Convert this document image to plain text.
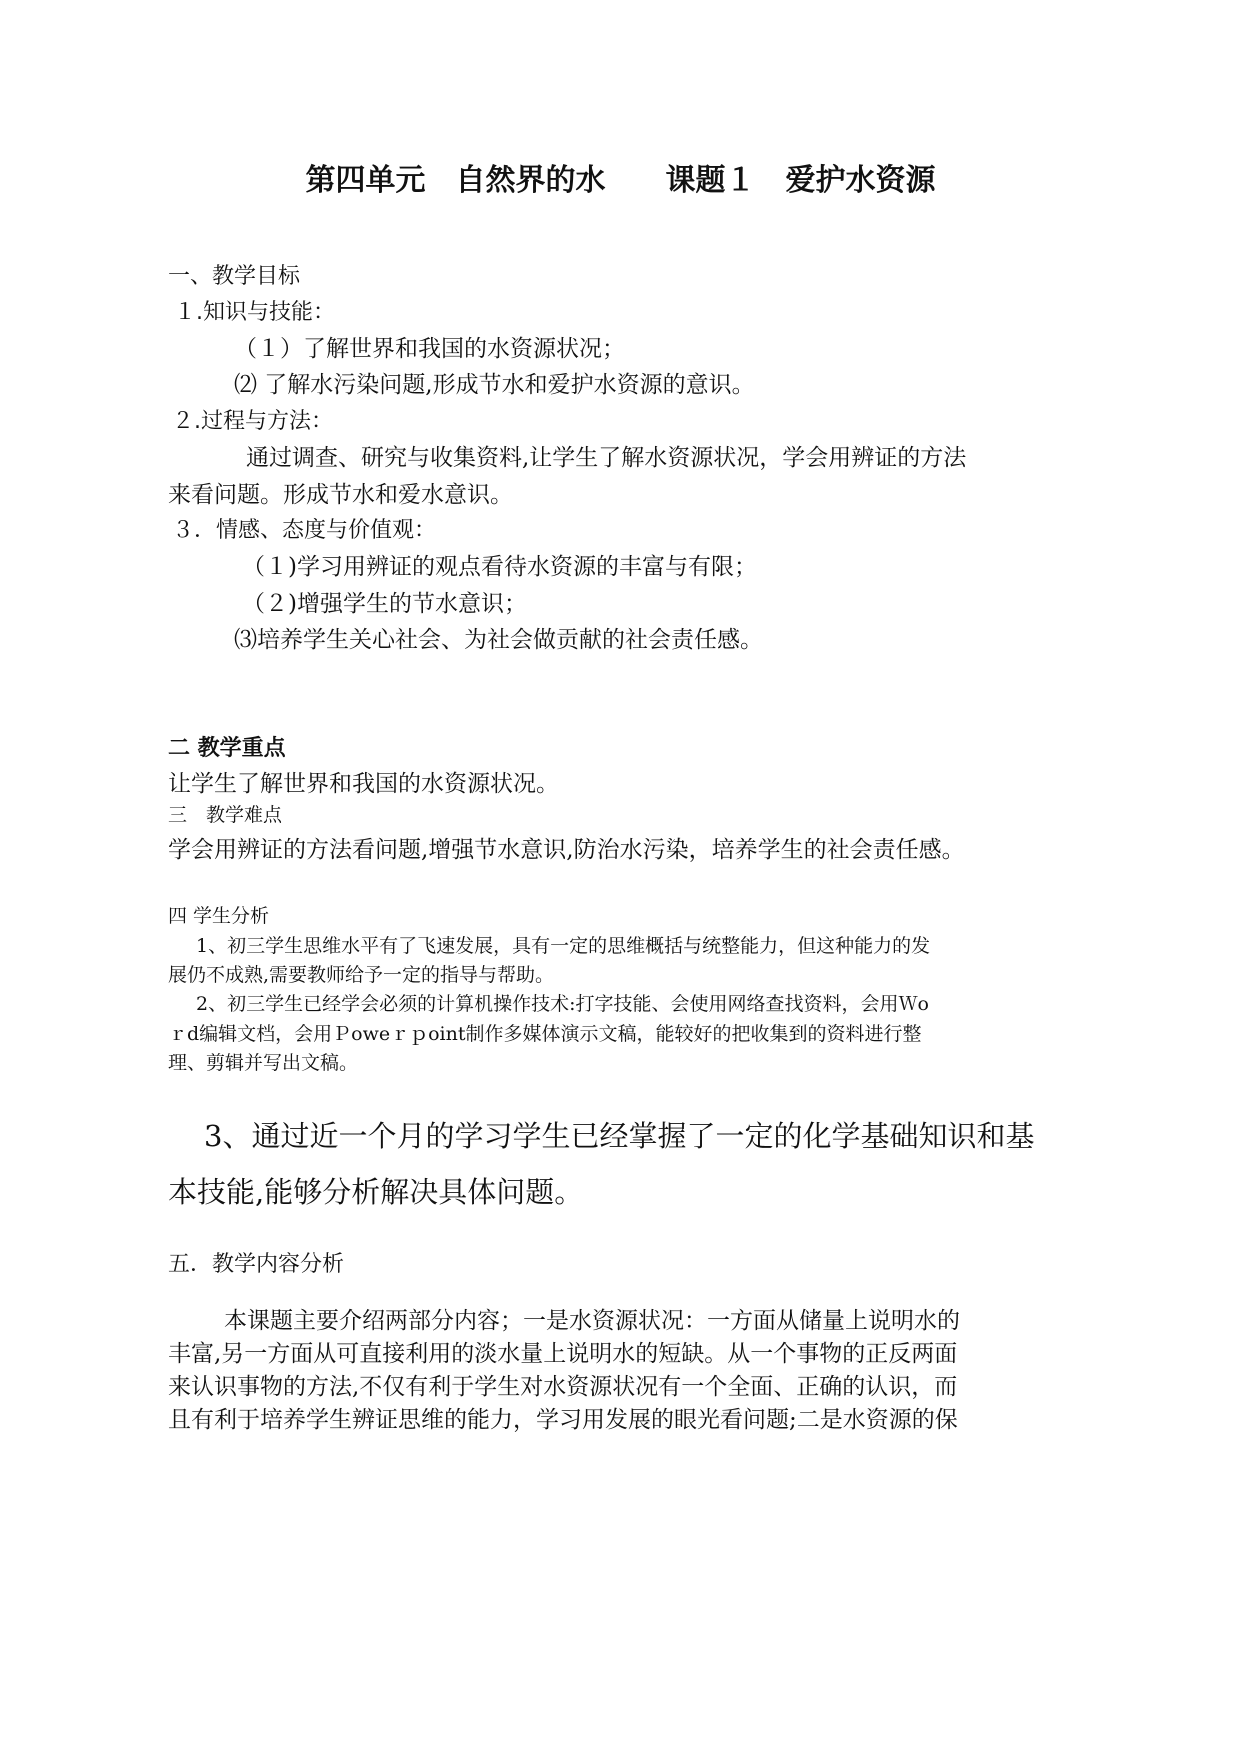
第四单元　自然界的水　　课题１　爱护水资源
一、教学目标
１.知识与技能：
（１）了解世界和我国的水资源状况；
⑵ 了解水污染问题,形成节水和爱护水资源的意识。
２.过程与方法：
通过调查、研究与收集资料,让学生了解水资源状况，学会用辨证的方法
来看问题。形成节水和爱水意识。
３．情感、态度与价值观：
（１)学习用辨证的观点看待水资源的丰富与有限；
（２)增强学生的节水意识；
⑶培养学生关心社会、为社会做贡献的社会责任感。
二 教学重点
让学生了解世界和我国的水资源状况。
三　教学难点
学会用辨证的方法看问题,增强节水意识,防治水污染，培养学生的社会责任感。
四 学生分析
1、初三学生思维水平有了飞速发展，具有一定的思维概括与统整能力，但这种能力的发
展仍不成熟,需要教师给予一定的指导与帮助。
2、初三学生已经学会必须的计算机操作技术:打字技能、会使用网络查找资料，会用Ｗo
ｒd编辑文档，会用Ｐoweｒｐoint制作多媒体演示文稿，能较好的把收集到的资料进行整
理、剪辑并写出文稿。
3、通过近一个月的学习学生已经掌握了一定的化学基础知识和基
本技能,能够分析解决具体问题。
五．教学内容分析
本课题主要介绍两部分内容；一是水资源状况：一方面从储量上说明水的
丰富,另一方面从可直接利用的淡水量上说明水的短缺。从一个事物的正反两面
来认识事物的方法,不仅有利于学生对水资源状况有一个全面、正确的认识，而
且有利于培养学生辨证思维的能力，学习用发展的眼光看问题;二是水资源的保
